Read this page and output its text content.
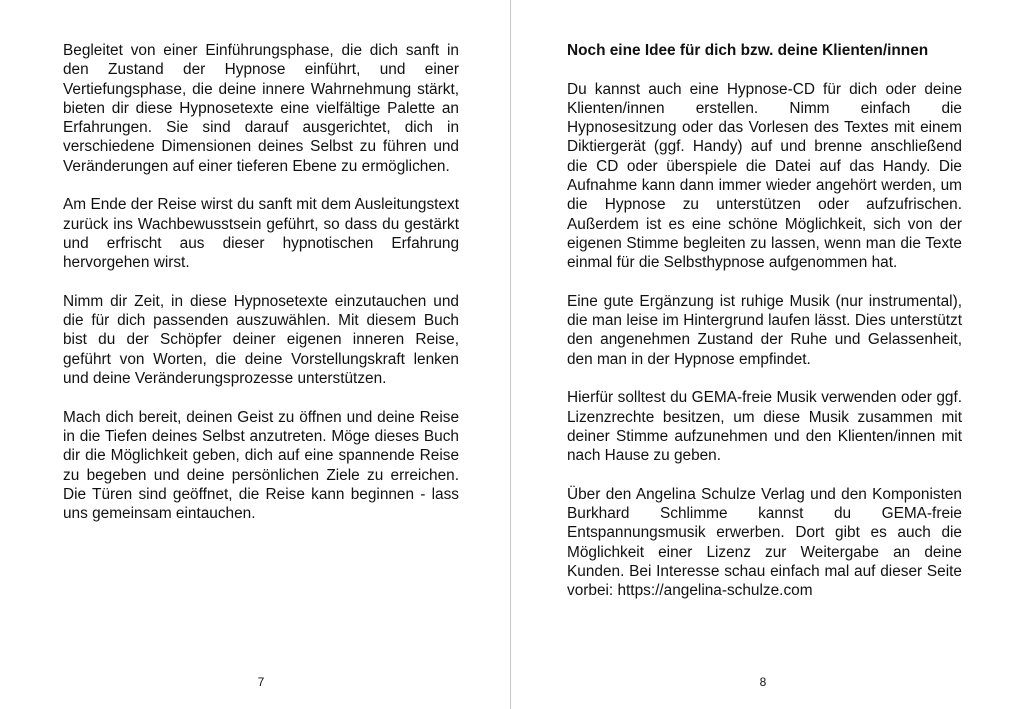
Begleitet von einer Einführungsphase, die dich sanft in den Zustand der Hypnose einführt, und einer Vertiefungsphase, die deine innere Wahrnehmung stärkt, bieten dir diese Hypnosetexte eine vielfältige Palette an Erfahrungen. Sie sind darauf ausgerichtet, dich in verschiedene Dimensionen deines Selbst zu führen und Veränderungen auf einer tieferen Ebene zu ermöglichen.

Am Ende der Reise wirst du sanft mit dem Ausleitungstext zurück ins Wachbewusstsein geführt, so dass du gestärkt und erfrischt aus dieser hypnotischen Erfahrung hervorgehen wirst.

Nimm dir Zeit, in diese Hypnosetexte einzutauchen und die für dich passenden auszuwählen. Mit diesem Buch bist du der Schöpfer deiner eigenen inneren Reise, geführt von Worten, die deine Vorstellungskraft lenken und deine Veränderungsprozesse unterstützen.

Mach dich bereit, deinen Geist zu öffnen und deine Reise in die Tiefen deines Selbst anzutreten. Möge dieses Buch dir die Möglichkeit geben, dich auf eine spannende Reise zu begeben und deine persönlichen Ziele zu erreichen. Die Türen sind geöffnet, die Reise kann beginnen - lass uns gemeinsam eintauchen.

7
Noch eine Idee für dich bzw. deine Klienten/innen

Du kannst auch eine Hypnose-CD für dich oder deine Klienten/innen erstellen. Nimm einfach die Hypnosesitzung oder das Vorlesen des Textes mit einem Diktiergerät (ggf. Handy) auf und brenne anschließend die CD oder überspiele die Datei auf das Handy. Die Aufnahme kann dann immer wieder angehört werden, um die Hypnose zu unterstützen oder aufzufrischen. Außerdem ist es eine schöne Möglichkeit, sich von der eigenen Stimme begleiten zu lassen, wenn man die Texte einmal für die Selbsthypnose aufgenommen hat.

Eine gute Ergänzung ist ruhige Musik (nur instrumental), die man leise im Hintergrund laufen lässt. Dies unterstützt den angenehmen Zustand der Ruhe und Gelassenheit, den man in der Hypnose empfindet.

Hierfür solltest du GEMA-freie Musik verwenden oder ggf. Lizenzrechte besitzen, um diese Musik zusammen mit deiner Stimme aufzunehmen und den Klienten/innen mit nach Hause zu geben.

Über den Angelina Schulze Verlag und den Komponisten Burkhard Schlimme kannst du GEMA-freie Entspannungsmusik erwerben. Dort gibt es auch die Möglichkeit einer Lizenz zur Weitergabe an deine Kunden. Bei Interesse schau einfach mal auf dieser Seite vorbei: https://angelina-schulze.com

8
